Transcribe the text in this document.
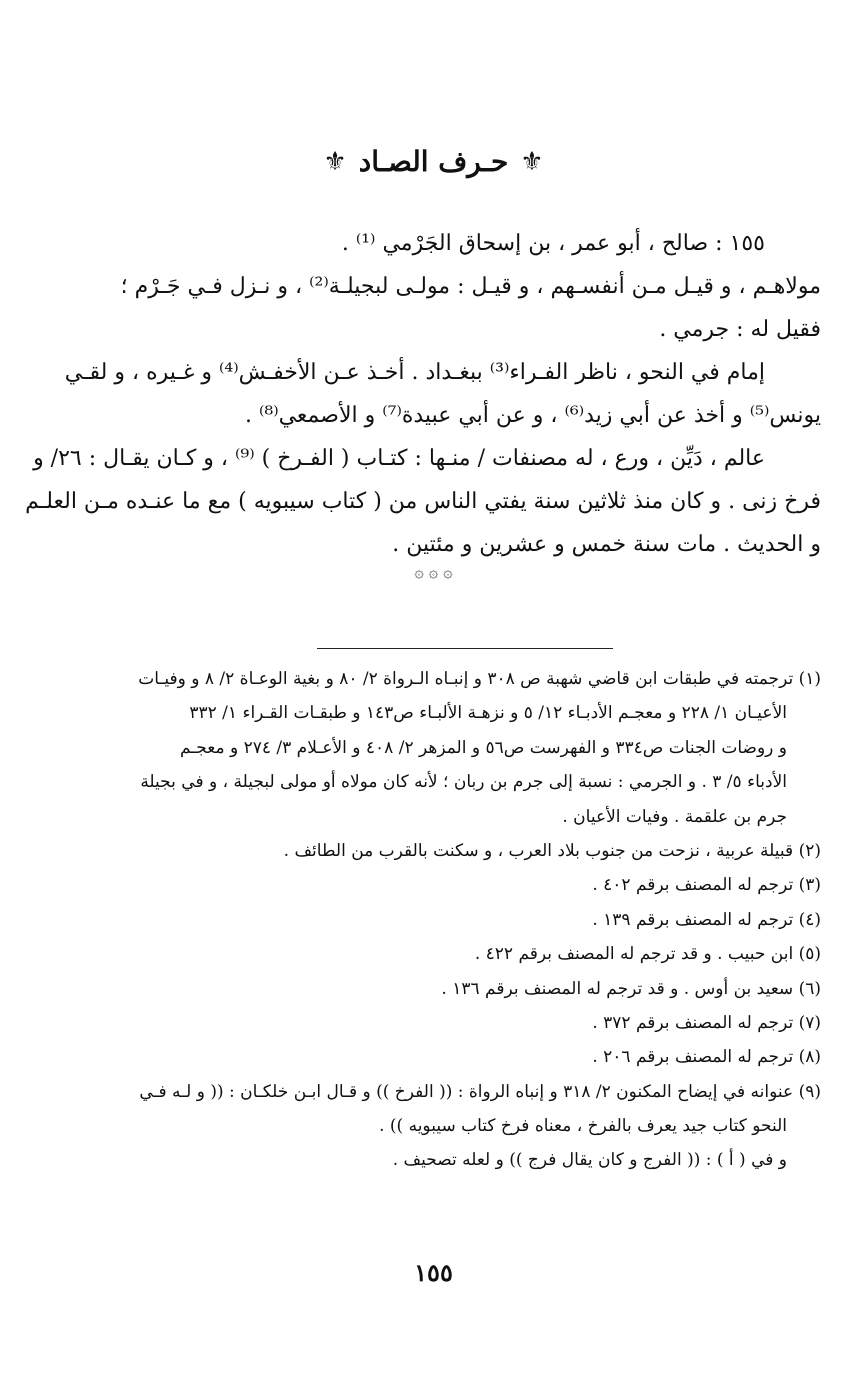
⚜
حـرف الصـاد
⚜
١٥٥ : صالح ، أبو عمر ، بن إسحاق الجَرْمي ⁽¹⁾ .
مولاهـم ، و قيـل مـن أنفسـهم ، و قيـل : مولـى لبجيلـة⁽²⁾ ، و نـزل فـي جَـرْم ؛
فقيل له : جرمي .
إمام في النحو ، ناظر الفـراء⁽³⁾ ببغـداد . أخـذ عـن الأخفـش⁽⁴⁾ و غـيره ، و لقـي
يونس⁽⁵⁾ و أخذ عن أبي زيد⁽⁶⁾ ، و عن أبي عبيدة⁽⁷⁾ و الأصمعي⁽⁸⁾ .
عالم ، دَيِّن ، ورع ، له مصنفات / منـها : كتـاب ( الفـرخ ) ⁽⁹⁾ ، و كـان يقـال : ٢٦/ و
فرخ زنى . و كان منذ ثلاثين سنة يفتي الناس من ( كتاب سيبويه ) مع ما عنـده مـن العلـم
و الحديث . مات سنة خمس و عشرين و مئتين .
۞ ۞ ۞
(١) ترجمته في طبقات ابن قاضي شهبة ص ٣٠٨ و إنبـاه الـرواة ٢/ ٨٠ و بغية الوعـاة ٢/ ٨ و وفيـات
الأعيـان ١/ ٢٢٨ و معجـم الأدبـاء ١٢/ ٥ و نزهـة الألبـاء ص١٤٣ و طبقـات القـراء ١/ ٣٣٢
و روضات الجنات ص٣٣٤ و الفهرست ص٥٦ و المزهر ٢/ ٤٠٨ و الأعـلام ٣/ ٢٧٤ و معجـم
الأدباء ٥/ ٣ . و الجرمي : نسبة إلى جرم بن ربان ؛ لأنه كان مولاه أو مولى لبجيلة ، و في بجيلة
جرم بن علقمة . وفيات الأعيان .
(٢) قبيلة عربية ، نزحت من جنوب بلاد العرب ، و سكنت بالقرب من الطائف .
(٣) ترجم له المصنف برقم ٤٠٢ .
(٤) ترجم له المصنف برقم ١٣٩ .
(٥) ابن حبيب . و قد ترجم له المصنف برقم ٤٢٢ .
(٦) سعيد بن أوس . و قد ترجم له المصنف برقم ١٣٦ .
(٧) ترجم له المصنف برقم ٣٧٢ .
(٨) ترجم له المصنف برقم ٢٠٦ .
(٩) عنوانه في إيضاح المكنون ٢/ ٣١٨ و إنباه الرواة : (( الفرخ )) و قـال ابـن خلكـان : (( و لـه فـي
النحو كتاب جيد يعرف بالفرخ ، معناه فرخ كتاب سيبويه )) .
و في ( أ ) : (( الفرج و كان يقال فرج )) و لعله تصحيف .
١٥٥
